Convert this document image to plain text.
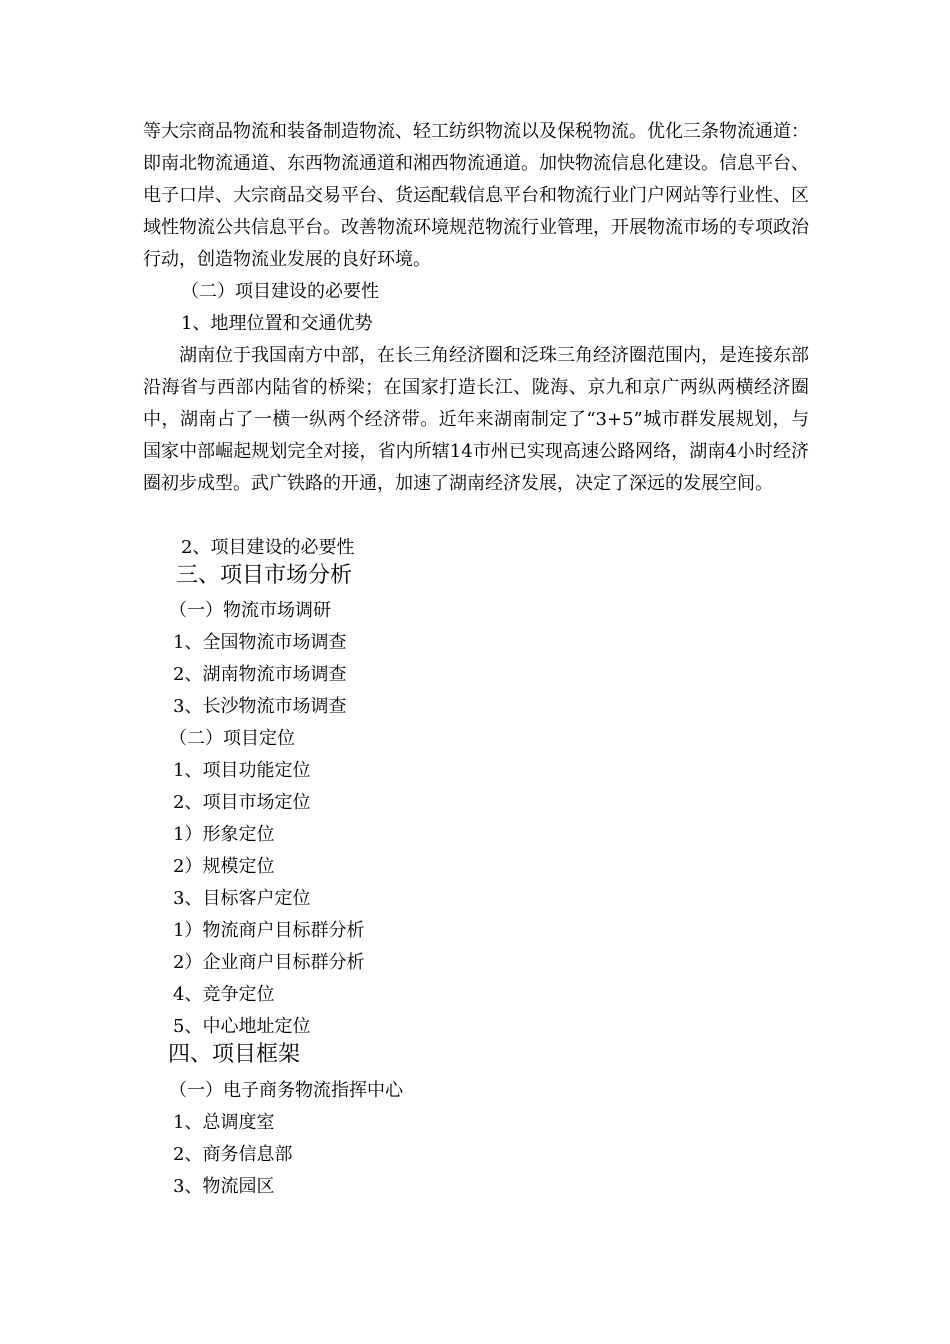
等大宗商品物流和装备制造物流、轻工纺织物流以及保税物流。优化三条物流通道：即南北物流通道、东西物流通道和湘西物流通道。加快物流信息化建设。信息平台、电子口岸、大宗商品交易平台、货运配载信息平台和物流行业门户网站等行业性、区域性物流公共信息平台。改善物流环境规范物流行业管理，开展物流市场的专项政治行动，创造物流业发展的良好环境。

（二）项目建设的必要性

1、地理位置和交通优势

　　湖南位于我国南方中部，在长三角经济圈和泛珠三角经济圈范围内，是连接东部沿海省与西部内陆省的桥梁；在国家打造长江、陇海、京九和京广两纵两横经济圈中，湖南占了一横一纵两个经济带。近年来湖南制定了“3+5”城市群发展规划，与国家中部崛起规划完全对接，省内所辖14市州已实现高速公路网络，湖南4小时经济圈初步成型。武广铁路的开通，加速了湖南经济发展，决定了深远的发展空间。

2、项目建设的必要性

三、项目市场分析

（一）物流市场调研

1、全国物流市场调查

2、湖南物流市场调查

3、长沙物流市场调查

（二）项目定位

1、项目功能定位

2、项目市场定位

1）形象定位

2）规模定位

3、目标客户定位

1）物流商户目标群分析

2）企业商户目标群分析

4、竞争定位

5、中心地址定位

四、项目框架

（一）电子商务物流指挥中心

1、总调度室

2、商务信息部

3、物流园区
